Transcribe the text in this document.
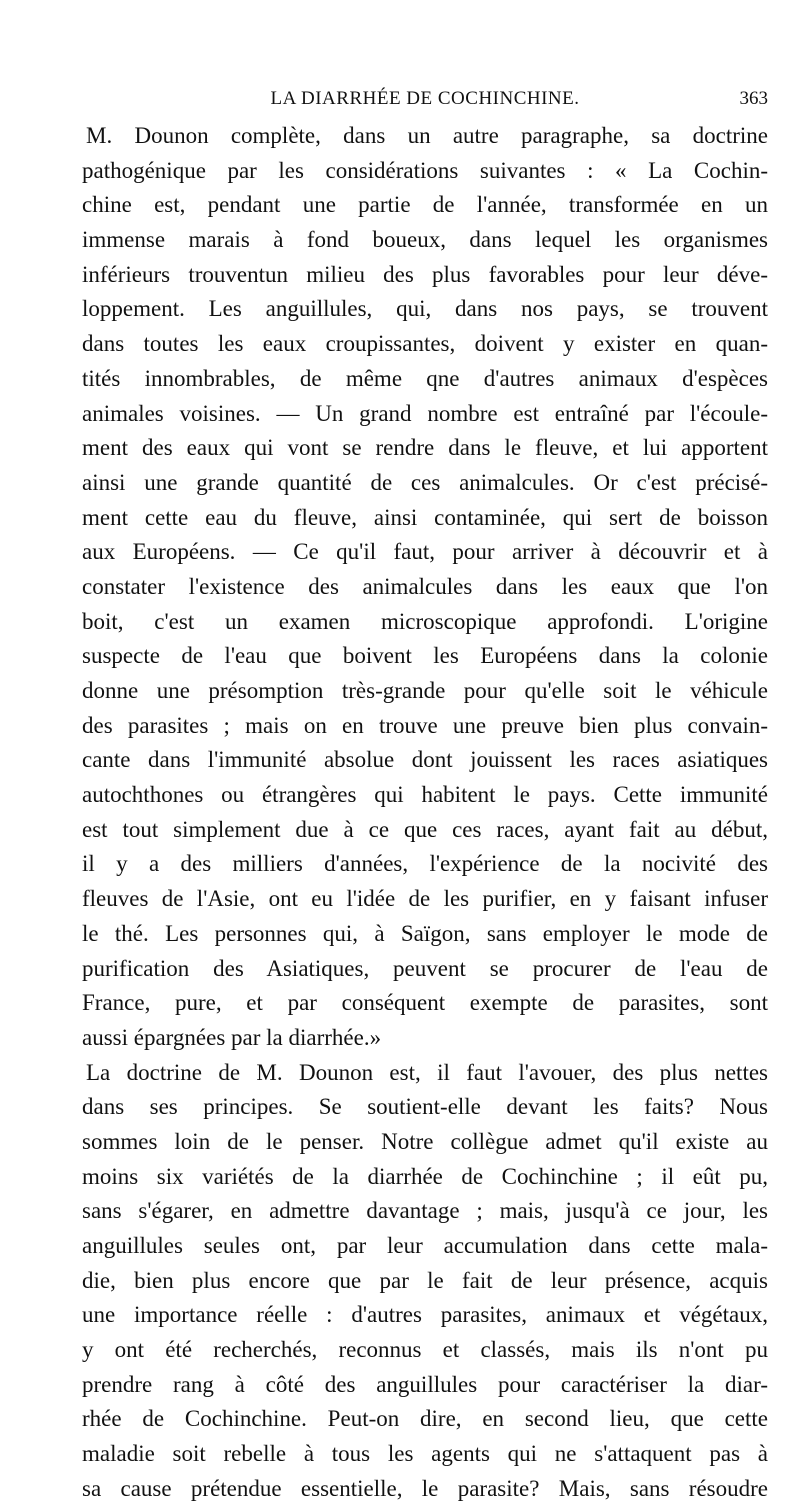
LA DIARRHÉE DE COCHINCHINE.	363
M. Dounon complète, dans un autre paragraphe, sa doctrine
pathogénique par les considérations suivantes : « La Cochin-
chine est, pendant une partie de l'année, transformée en un
immense marais à fond boueux, dans lequel les organismes
inférieurs trouventun milieu des plus favorables pour leur déve-
loppement. Les anguillules, qui, dans nos pays, se trouvent
dans toutes les eaux croupissantes, doivent y exister en quan-
tités innombrables, de même qne d'autres animaux d'espèces
animales voisines. — Un grand nombre est entraîné par l'écoule-
ment des eaux qui vont se rendre dans le fleuve, et lui apportent
ainsi une grande quantité de ces animalcules. Or c'est précisé-
ment cette eau du fleuve, ainsi contaminée, qui sert de boisson
aux Européens. — Ce qu'il faut, pour arriver à découvrir et à
constater l'existence des animalcules dans les eaux que l'on
boit, c'est un examen microscopique approfondi. L'origine
suspecte de l'eau que boivent les Européens dans la colonie
donne une présomption très-grande pour qu'elle soit le véhicule
des parasites ; mais on en trouve une preuve bien plus convain-
cante dans l'immunité absolue dont jouissent les races asiatiques
autochthones ou étrangères qui habitent le pays. Cette immunité
est tout simplement due à ce que ces races, ayant fait au début,
il y a des milliers d'années, l'expérience de la nocivité des
fleuves de l'Asie, ont eu l'idée de les purifier, en y faisant infuser
le thé. Les personnes qui, à Saïgon, sans employer le mode de
purification des Asiatiques, peuvent se procurer de l'eau de
France, pure, et par conséquent exempte de parasites, sont
aussi épargnées par la diarrhée.»
La doctrine de M. Dounon est, il faut l'avouer, des plus nettes
dans ses principes. Se soutient-elle devant les faits? Nous
sommes loin de le penser. Notre collègue admet qu'il existe au
moins six variétés de la diarrhée de Cochinchine ; il eût pu,
sans s'égarer, en admettre davantage ; mais, jusqu'à ce jour, les
anguillules seules ont, par leur accumulation dans cette mala-
die, bien plus encore que par le fait de leur présence, acquis
une importance réelle : d'autres parasites, animaux et végétaux,
y ont été recherchés, reconnus et classés, mais ils n'ont pu
prendre rang à côté des anguillules pour caractériser la diar-
rhée de Cochinchine. Peut-on dire, en second lieu, que cette
maladie soit rebelle à tous les agents qui ne s'attaquent pas à
sa cause prétendue essentielle, le parasite? Mais, sans résoudre
